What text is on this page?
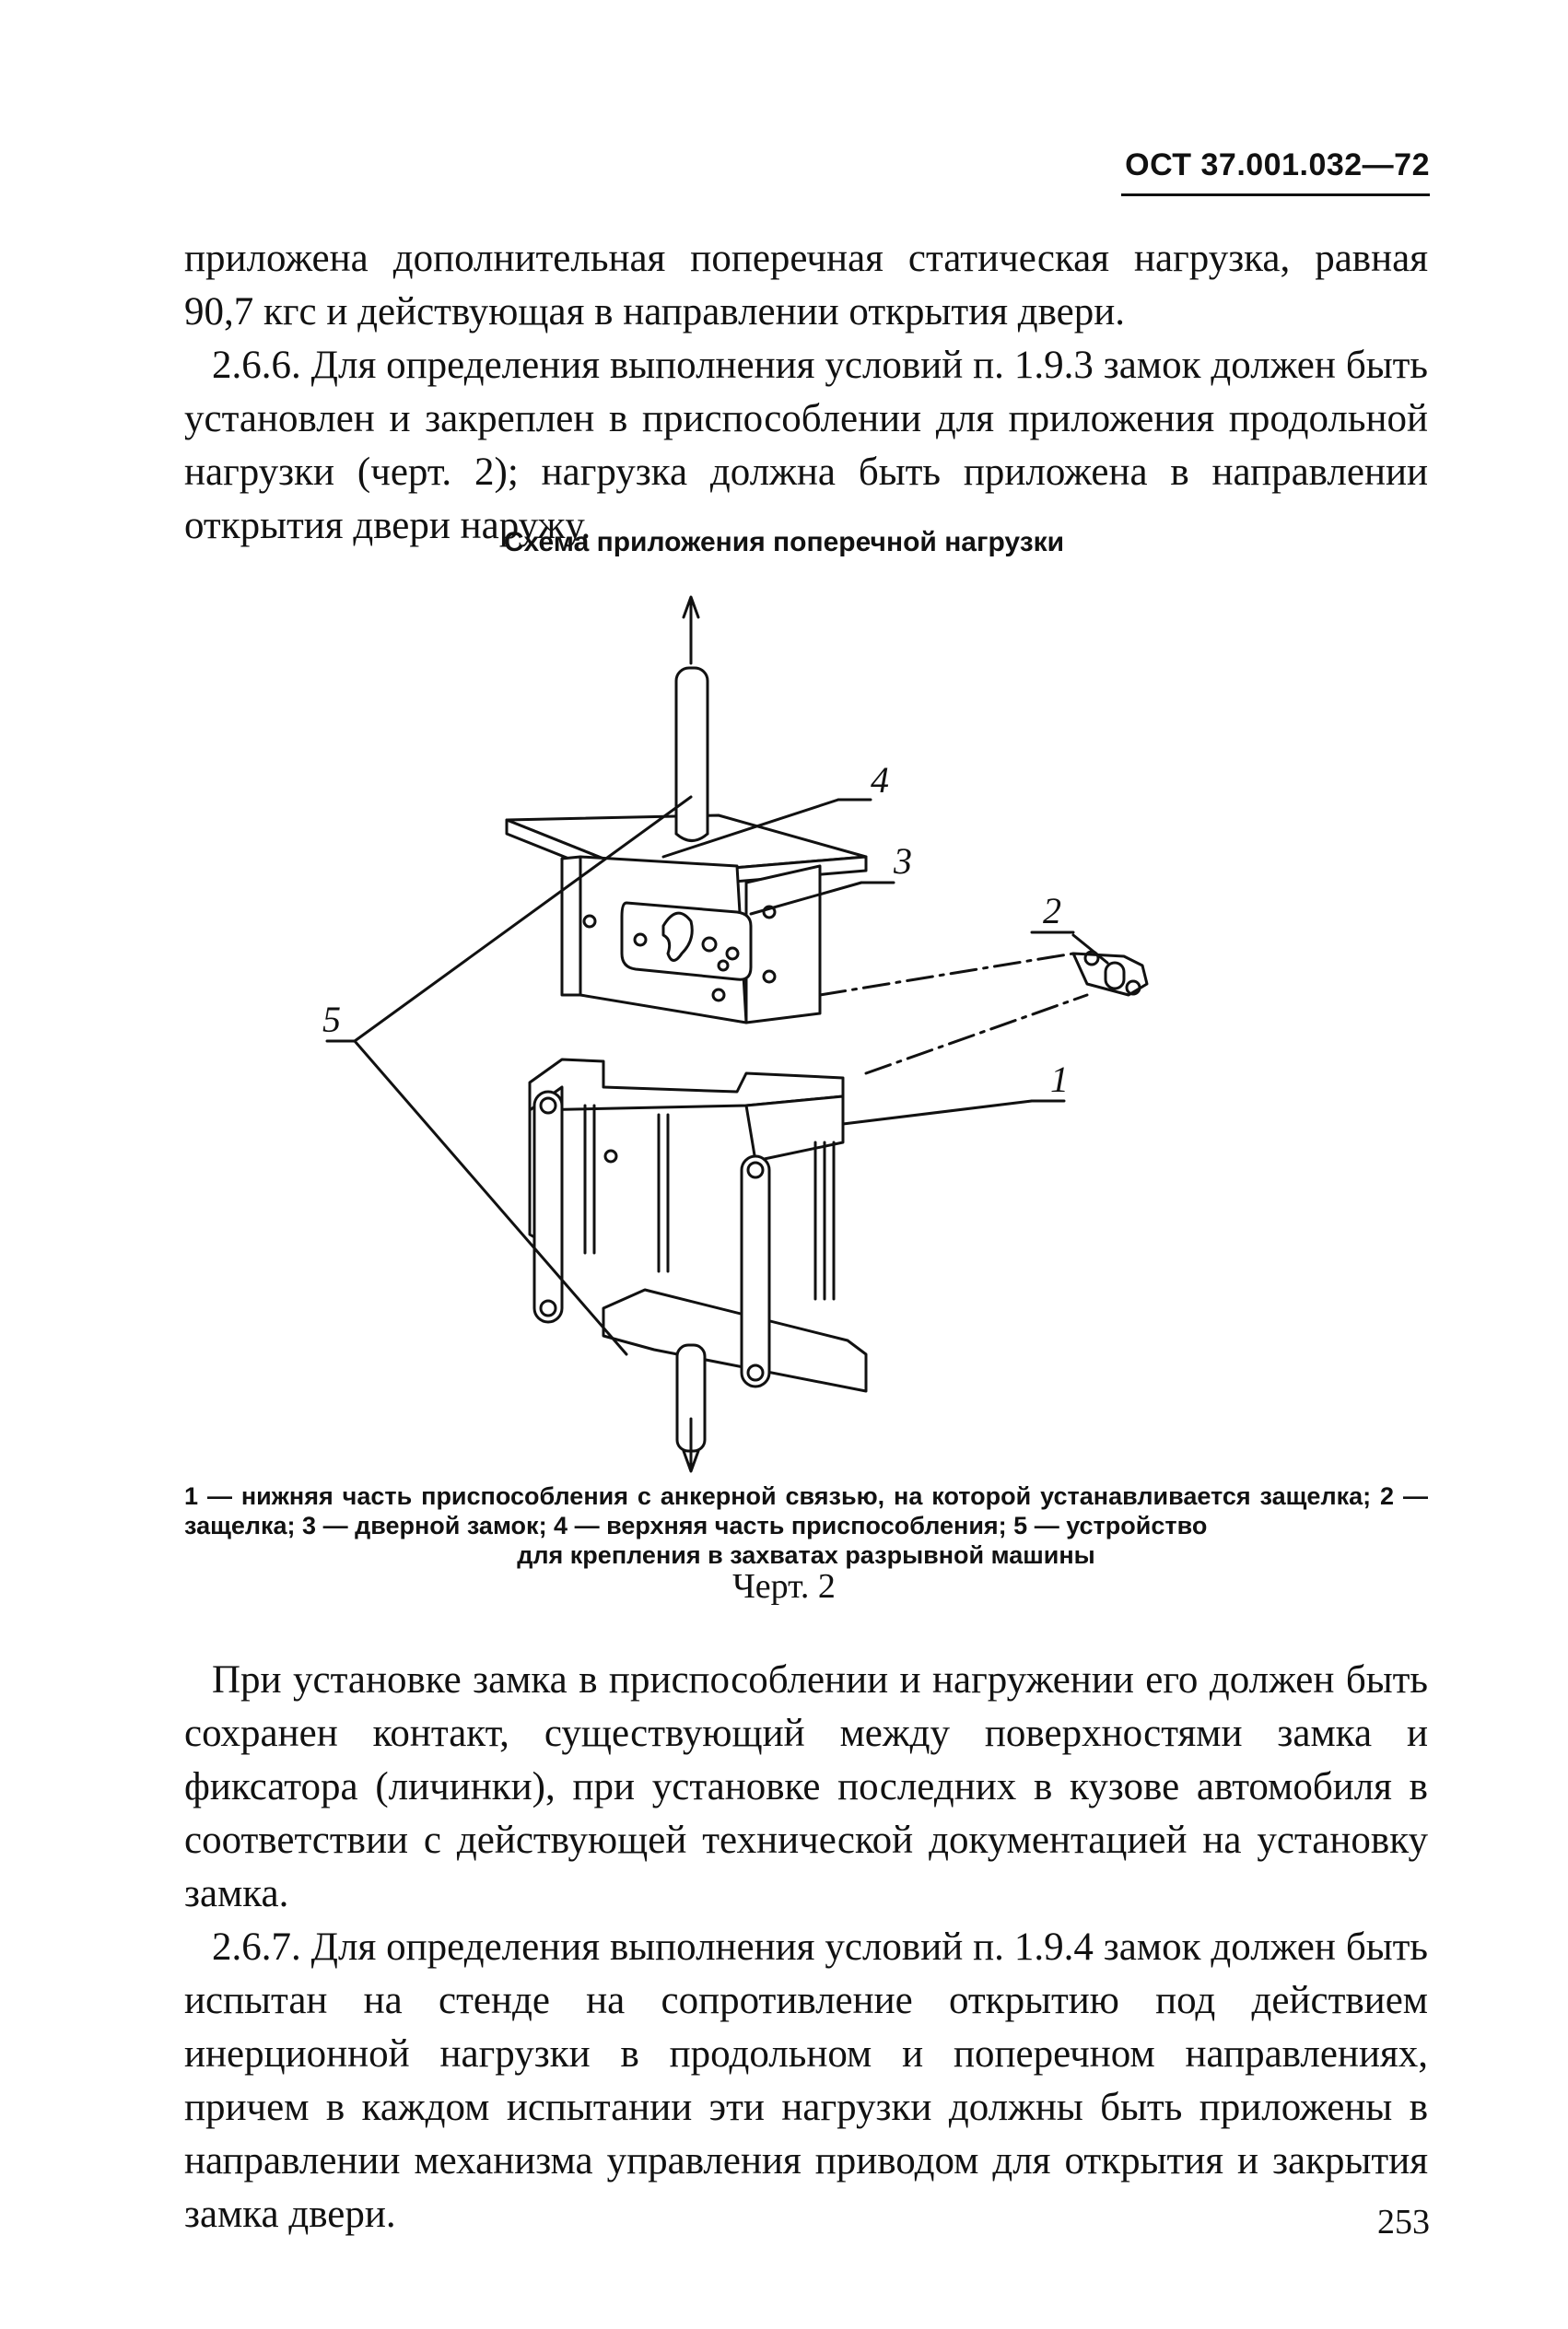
ОСТ 37.001.032—72

приложена дополнительная поперечная статическая нагрузка, равная 90,7 кгс и действующая в направлении открытия двери.

2.6.6. Для определения выполнения условий п. 1.9.3 замок должен быть установлен и закреплен в приспособлении для приложения продольной нагрузки (черт. 2); нагрузка должна быть приложена в направлении открытия двери наружу.

Схема приложения поперечной нагрузки
4
3
2
1
5

1 — нижняя часть приспособления с анкерной связью, на которой устанавливается защелка; 2 — защелка; 3 — дверной замок; 4 — верхняя часть приспособления; 5 — устройство
для крепления в захватах разрывной машины

Черт. 2

При установке замка в приспособлении и нагружении его должен быть сохранен контакт, существующий между поверхностями замка и фиксатора (личинки), при установке последних в кузове автомобиля в соответствии с действующей технической документацией на установку замка.

2.6.7. Для определения выполнения условий п. 1.9.4 замок должен быть испытан на стенде на сопротивление открытию под действием инерционной нагрузки в продольном и поперечном направлениях, причем в каждом испытании эти нагрузки должны быть приложены в направлении механизма управления приводом для открытия и закрытия замка двери.	253
